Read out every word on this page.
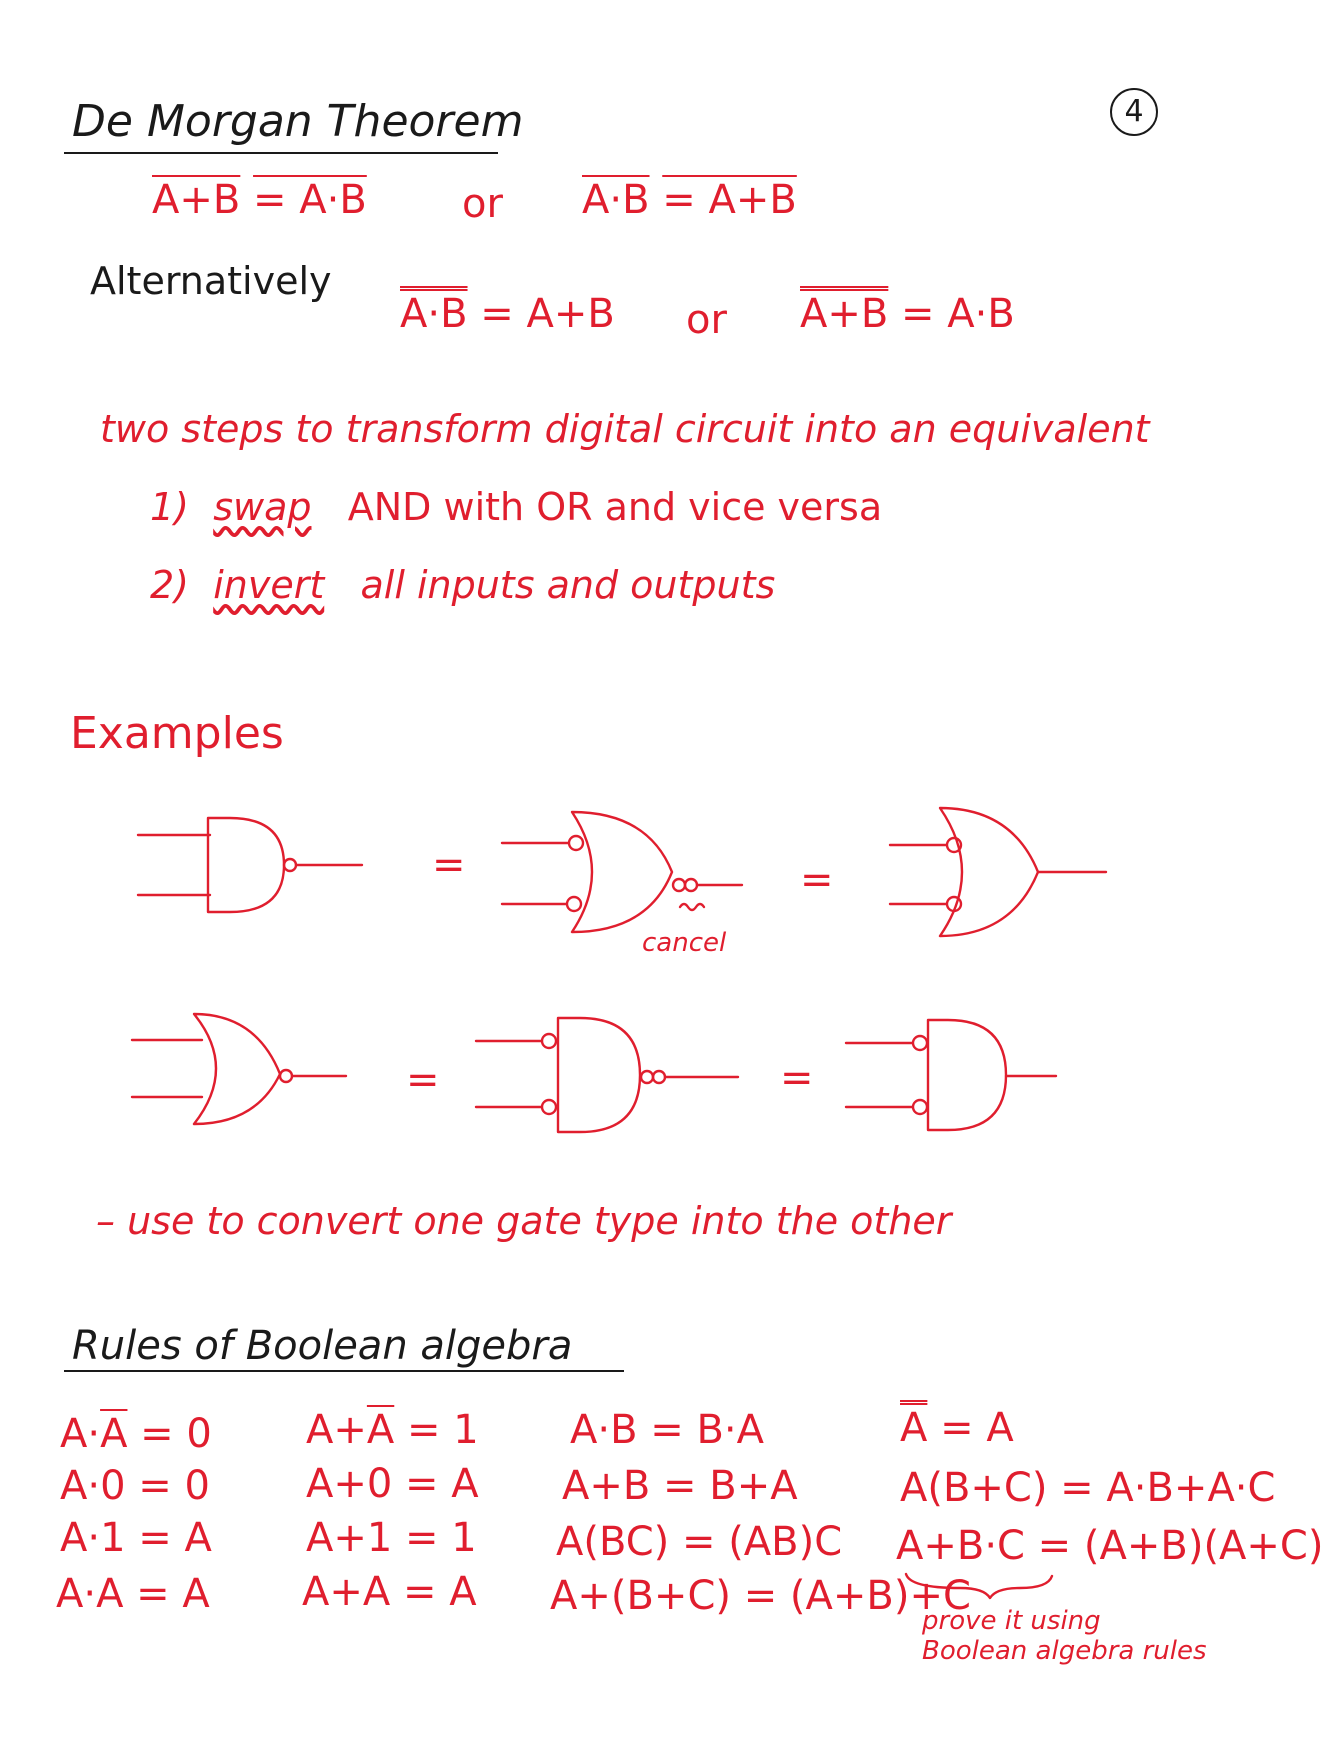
4
De Morgan Theorem
A+B = A·B or A·B = A+B
Alternatively
A·B = A+B or A+B = A·B
two steps to transform digital circuit into an equivalent
1) swap AND with OR and vice versa
2) invert all inputs and outputs
Examples
=	=
cancel
=	=
– use to convert one gate type into the other
Rules of Boolean algebra
$A\cdot\overline{A} = 0$
A·0 = 0
A·1 = A
A·A = A
$A+\overline{A} = 1$
A+0 = A
A+1 = 1
A+A = A
A·B = B·A
A+B = B+A
A(BC) = (AB)C
A+(B+C) = (A+B)+C
A = A
A(B+C) = A·B+A·C
A+B·C = (A+B)(A+C)
prove it using
Boolean algebra rules
